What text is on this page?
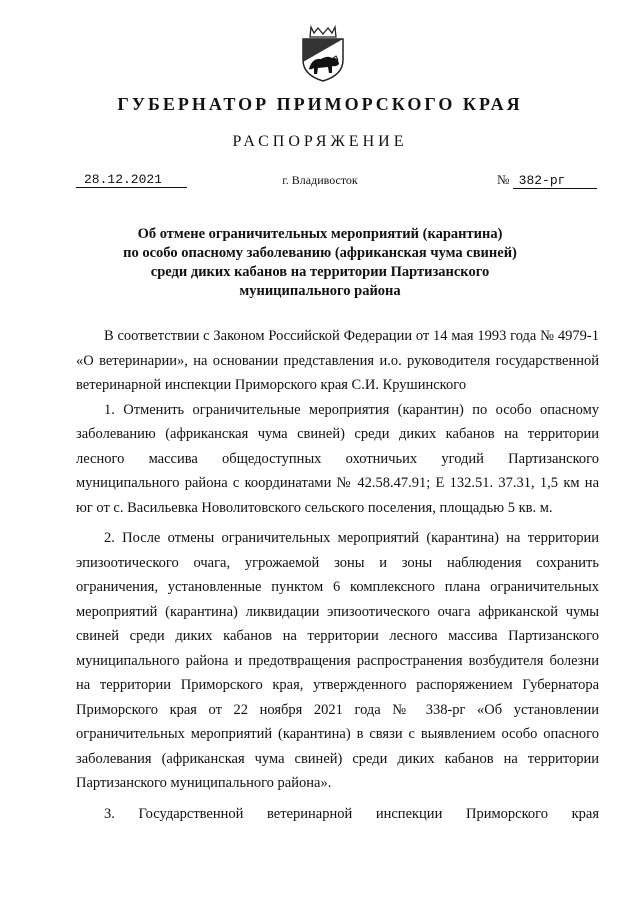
ГУБЕРНАТОР ПРИМОРСКОГО КРАЯ
РАСПОРЯЖЕНИЕ
28.12.2021	г. Владивосток	№ 382-рг
Об отмене ограничительных мероприятий (карантина)
по особо опасному заболеванию (африканская чума свиней)
среди диких кабанов на территории Партизанского
муниципального района

В соответствии с Законом Российской Федерации от 14 мая 1993 года № 4979-1 «О ветеринарии», на основании представления и.о. руководителя государственной ветеринарной инспекции Приморского края С.И. Крушинского

1. Отменить ограничительные мероприятия (карантин) по особо опасному заболеванию (африканская чума свиней) среди диких кабанов на территории лесного массива общедоступных охотничьих угодий Партизанского муниципального района с координатами № 42.58.47.91; Е 132.51. 37.31, 1,5 км на юг от с. Васильевка Новолитовского сельского поселения, площадью 5 кв. м.

2. После отмены ограничительных мероприятий (карантина) на территории эпизоотического очага, угрожаемой зоны и зоны наблюдения сохранить ограничения, установленные пунктом 6 комплексного плана ограничительных мероприятий (карантина) ликвидации эпизоотического очага африканской чумы свиней среди диких кабанов на территории лесного массива Партизанского муниципального района и предотвращения распространения возбудителя болезни на территории Приморского края, утвержденного распоряжением Губернатора Приморского края от 22 ноября 2021 года № 338-рг «Об установлении ограничительных мероприятий (карантина) в связи с выявлением особо опасного заболевания (африканская чума свиней) среди диких кабанов на территории Партизанского муниципального района».

3. Государственной ветеринарной инспекции Приморского края
